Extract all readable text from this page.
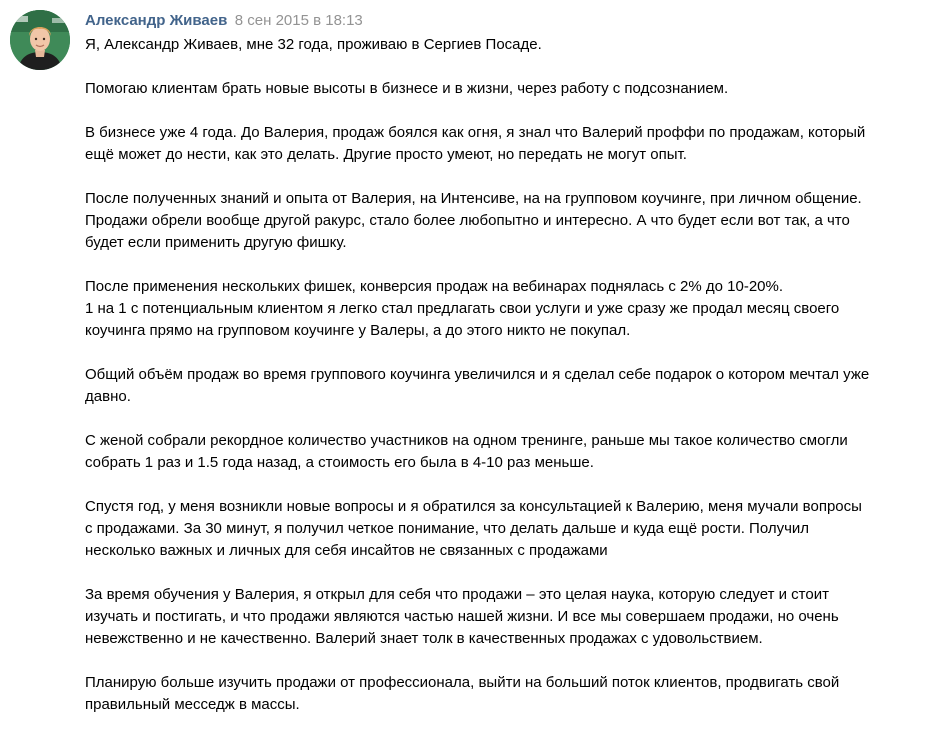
Александр Живаев 8 сен 2015 в 18:13

Я, Александр Живаев, мне 32 года, проживаю в Сергиев Посаде.

Помогаю клиентам брать новые высоты в бизнесе и в жизни, через работу с подсознанием.

В бизнесе уже 4 года. До Валерия, продаж боялся как огня, я знал что Валерий проффи по продажам, который
ещё может до нести, как это делать. Другие просто умеют, но передать не могут опыт.

После полученных знаний и опыта от Валерия, на Интенсиве, на на групповом коучинге, при личном общение.
Продажи обрели вообще другой ракурс, стало более любопытно и интересно. А что будет если вот так, а что
будет если применить другую фишку.

После применения нескольких фишек, конверсия продаж на вебинарах поднялась с 2% до 10-20%.
1 на 1 с потенциальным клиентом я легко стал предлагать свои услуги и уже сразу же продал месяц своего
коучинга прямо на групповом коучинге у Валеры, а до этого никто не покупал.

Общий объём продаж во время группового коучинга увеличился и я сделал себе подарок о котором мечтал уже
давно.

С женой собрали рекордное количество участников на одном тренинге, раньше мы такое количество смогли
собрать 1 раз и 1.5 года назад, а стоимость его была в 4-10 раз меньше.

Спустя год, у меня возникли новые вопросы и я обратился за консультацией к Валерию, меня мучали вопросы
с продажами. За 30 минут, я получил четкое понимание, что делать дальше и куда ещё рости. Получил
несколько важных и личных для себя инсайтов не связанных с продажами

За время обучения у Валерия, я открыл для себя что продажи – это целая наука, которую следует и стоит
изучать и постигать, и что продажи являются частью нашей жизни. И все мы совершаем продажи, но очень
невежственно и не качественно. Валерий знает толк в качественных продажах с удовольствием.

Планирую больше изучить продажи от профессионала, выйти на больший поток клиентов, продвигать свой
правильный месседж в массы.
